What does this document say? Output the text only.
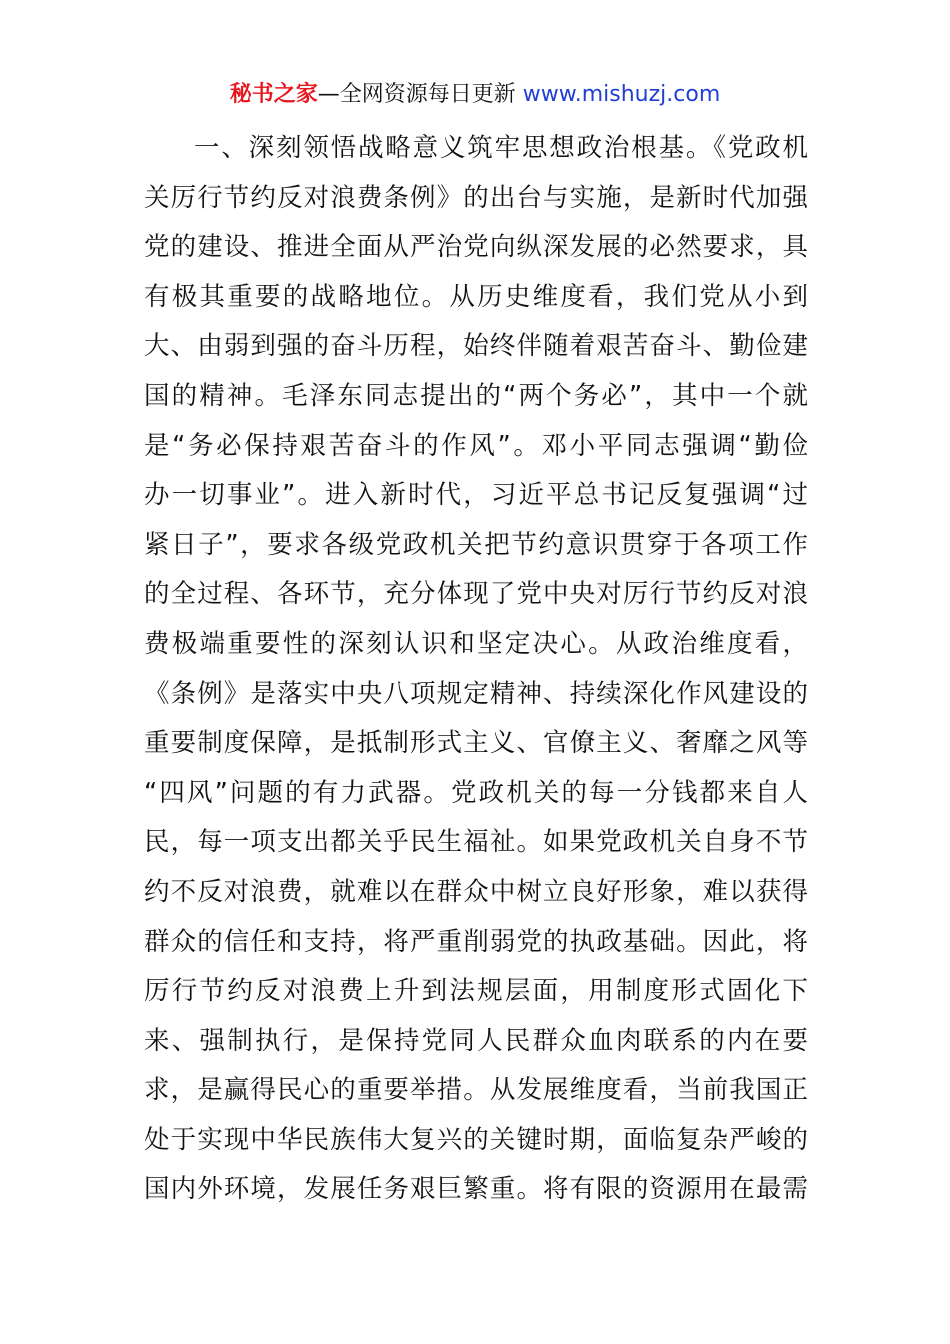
秘书之家—全网资源每日更新 www.mishuzj.com
一、深刻领悟战略意义筑牢思想政治根基。《党政机
关厉行节约反对浪费条例》的出台与实施，是新时代加强
党的建设、推进全面从严治党向纵深发展的必然要求，具
有极其重要的战略地位。从历史维度看，我们党从小到
大、由弱到强的奋斗历程，始终伴随着艰苦奋斗、勤俭建
国的精神。毛泽东同志提出的“两个务必”，其中一个就
是“务必保持艰苦奋斗的作风”。邓小平同志强调“勤俭
办一切事业”。进入新时代，习近平总书记反复强调“过
紧日子”，要求各级党政机关把节约意识贯穿于各项工作
的全过程、各环节，充分体现了党中央对厉行节约反对浪
费极端重要性的深刻认识和坚定决心。从政治维度看，
《条例》是落实中央八项规定精神、持续深化作风建设的
重要制度保障，是抵制形式主义、官僚主义、奢靡之风等
“四风”问题的有力武器。党政机关的每一分钱都来自人
民，每一项支出都关乎民生福祉。如果党政机关自身不节
约不反对浪费，就难以在群众中树立良好形象，难以获得
群众的信任和支持，将严重削弱党的执政基础。因此，将
厉行节约反对浪费上升到法规层面，用制度形式固化下
来、强制执行，是保持党同人民群众血肉联系的内在要
求，是赢得民心的重要举措。从发展维度看，当前我国正
处于实现中华民族伟大复兴的关键时期，面临复杂严峻的
国内外环境，发展任务艰巨繁重。将有限的资源用在最需
